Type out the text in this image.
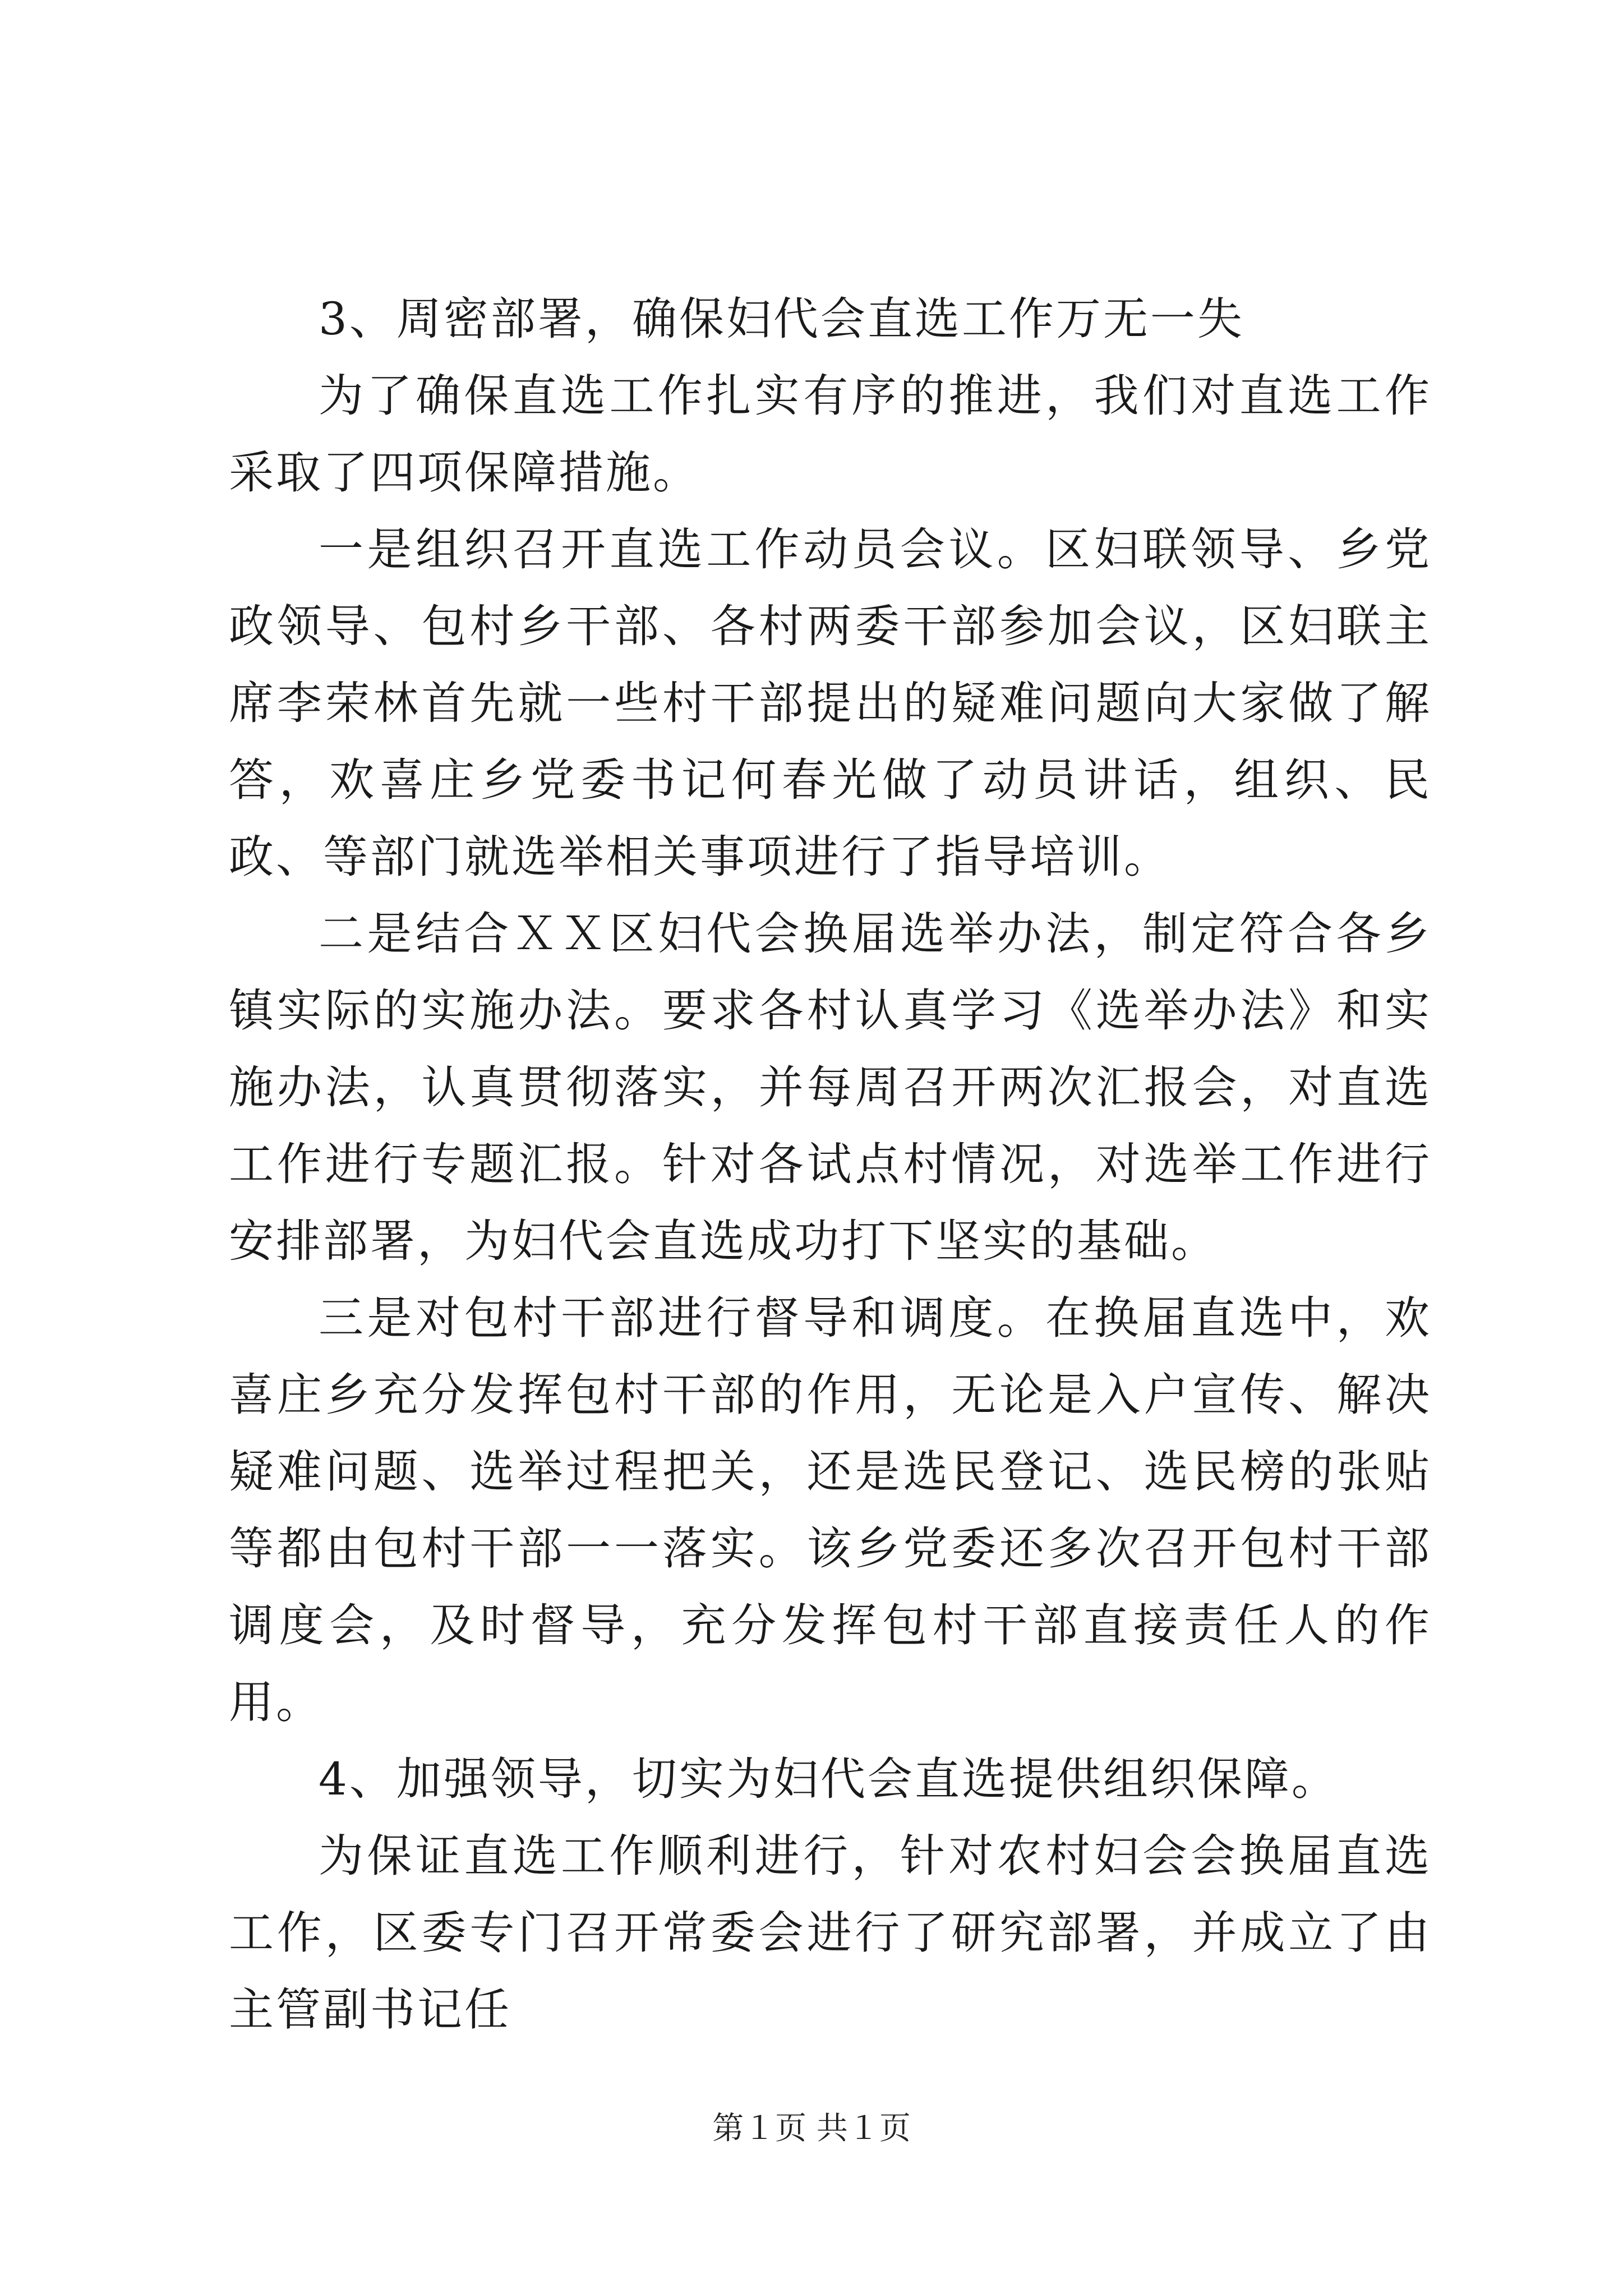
3、周密部署，确保妇代会直选工作万无一失

为了确保直选工作扎实有序的推进，我们对直选工作采取了四项保障措施。

一是组织召开直选工作动员会议。区妇联领导、乡党政领导、包村乡干部、各村两委干部参加会议，区妇联主席李荣林首先就一些村干部提出的疑难问题向大家做了解答，欢喜庄乡党委书记何春光做了动员讲话，组织、民政、等部门就选举相关事项进行了指导培训。

二是结合ＸＸ区妇代会换届选举办法，制定符合各乡镇实际的实施办法。要求各村认真学习《选举办法》和实施办法，认真贯彻落实，并每周召开两次汇报会，对直选工作进行专题汇报。针对各试点村情况，对选举工作进行安排部署，为妇代会直选成功打下坚实的基础。

三是对包村干部进行督导和调度。在换届直选中，欢喜庄乡充分发挥包村干部的作用，无论是入户宣传、解决疑难问题、选举过程把关，还是选民登记、选民榜的张贴等都由包村干部一一落实。该乡党委还多次召开包村干部调度会，及时督导，充分发挥包村干部直接责任人的作用。

4、加强领导，切实为妇代会直选提供组织保障。

为保证直选工作顺利进行，针对农村妇会会换届直选工作，区委专门召开常委会进行了研究部署，并成立了由主管副书记任

第１页 共１页
